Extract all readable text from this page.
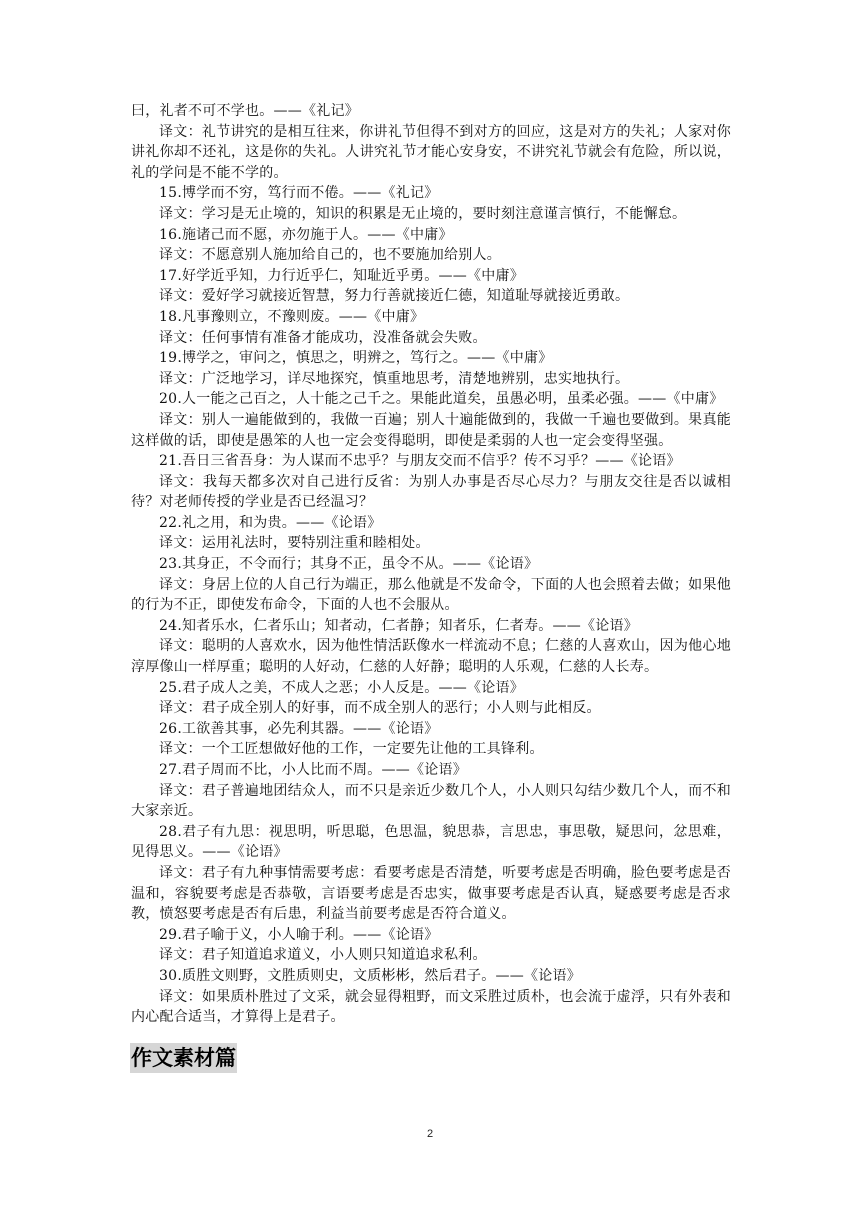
曰，礼者不可不学也。——《礼记》

译文：礼节讲究的是相互往来，你讲礼节但得不到对方的回应，这是对方的失礼；人家对你讲礼你却不还礼，这是你的失礼。人讲究礼节才能心安身安，不讲究礼节就会有危险，所以说，礼的学问是不能不学的。

15.博学而不穷，笃行而不倦。——《礼记》

译文：学习是无止境的，知识的积累是无止境的，要时刻注意谨言慎行，不能懈怠。

16.施诸己而不愿，亦勿施于人。——《中庸》

译文：不愿意别人施加给自己的，也不要施加给别人。

17.好学近乎知，力行近乎仁，知耻近乎勇。——《中庸》

译文：爱好学习就接近智慧，努力行善就接近仁德，知道耻辱就接近勇敢。

18.凡事豫则立，不豫则废。——《中庸》

译文：任何事情有准备才能成功，没准备就会失败。

19.博学之，审问之，慎思之，明辨之，笃行之。——《中庸》

译文：广泛地学习，详尽地探究，慎重地思考，清楚地辨别，忠实地执行。

20.人一能之己百之，人十能之己千之。果能此道矣，虽愚必明，虽柔必强。——《中庸》

译文：别人一遍能做到的，我做一百遍；别人十遍能做到的，我做一千遍也要做到。果真能这样做的话，即使是愚笨的人也一定会变得聪明，即使是柔弱的人也一定会变得坚强。

21.吾日三省吾身：为人谋而不忠乎？与朋友交而不信乎？传不习乎？——《论语》

译文：我每天都多次对自己进行反省：为别人办事是否尽心尽力？与朋友交往是否以诚相待？对老师传授的学业是否已经温习？

22.礼之用，和为贵。——《论语》

译文：运用礼法时，要特别注重和睦相处。

23.其身正，不令而行；其身不正，虽令不从。——《论语》

译文：身居上位的人自己行为端正，那么他就是不发命令，下面的人也会照着去做；如果他的行为不正，即使发布命令，下面的人也不会服从。

24.知者乐水，仁者乐山；知者动，仁者静；知者乐，仁者寿。——《论语》

译文：聪明的人喜欢水，因为他性情活跃像水一样流动不息；仁慈的人喜欢山，因为他心地淳厚像山一样厚重；聪明的人好动，仁慈的人好静；聪明的人乐观，仁慈的人长寿。

25.君子成人之美，不成人之恶；小人反是。——《论语》

译文：君子成全别人的好事，而不成全别人的恶行；小人则与此相反。

26.工欲善其事，必先利其器。——《论语》

译文：一个工匠想做好他的工作，一定要先让他的工具锋利。

27.君子周而不比，小人比而不周。——《论语》

译文：君子普遍地团结众人，而不只是亲近少数几个人，小人则只勾结少数几个人，而不和大家亲近。

28.君子有九思：视思明，听思聪，色思温，貌思恭，言思忠，事思敬，疑思问，忿思难，见得思义。——《论语》

译文：君子有九种事情需要考虑：看要考虑是否清楚，听要考虑是否明确，脸色要考虑是否温和，容貌要考虑是否恭敬，言语要考虑是否忠实，做事要考虑是否认真，疑惑要考虑是否求教，愤怒要考虑是否有后患，利益当前要考虑是否符合道义。

29.君子喻于义，小人喻于利。——《论语》

译文：君子知道追求道义，小人则只知道追求私利。

30.质胜文则野，文胜质则史，文质彬彬，然后君子。——《论语》

译文：如果质朴胜过了文采，就会显得粗野，而文采胜过质朴，也会流于虚浮，只有外表和内心配合适当，才算得上是君子。

作文素材篇
2
